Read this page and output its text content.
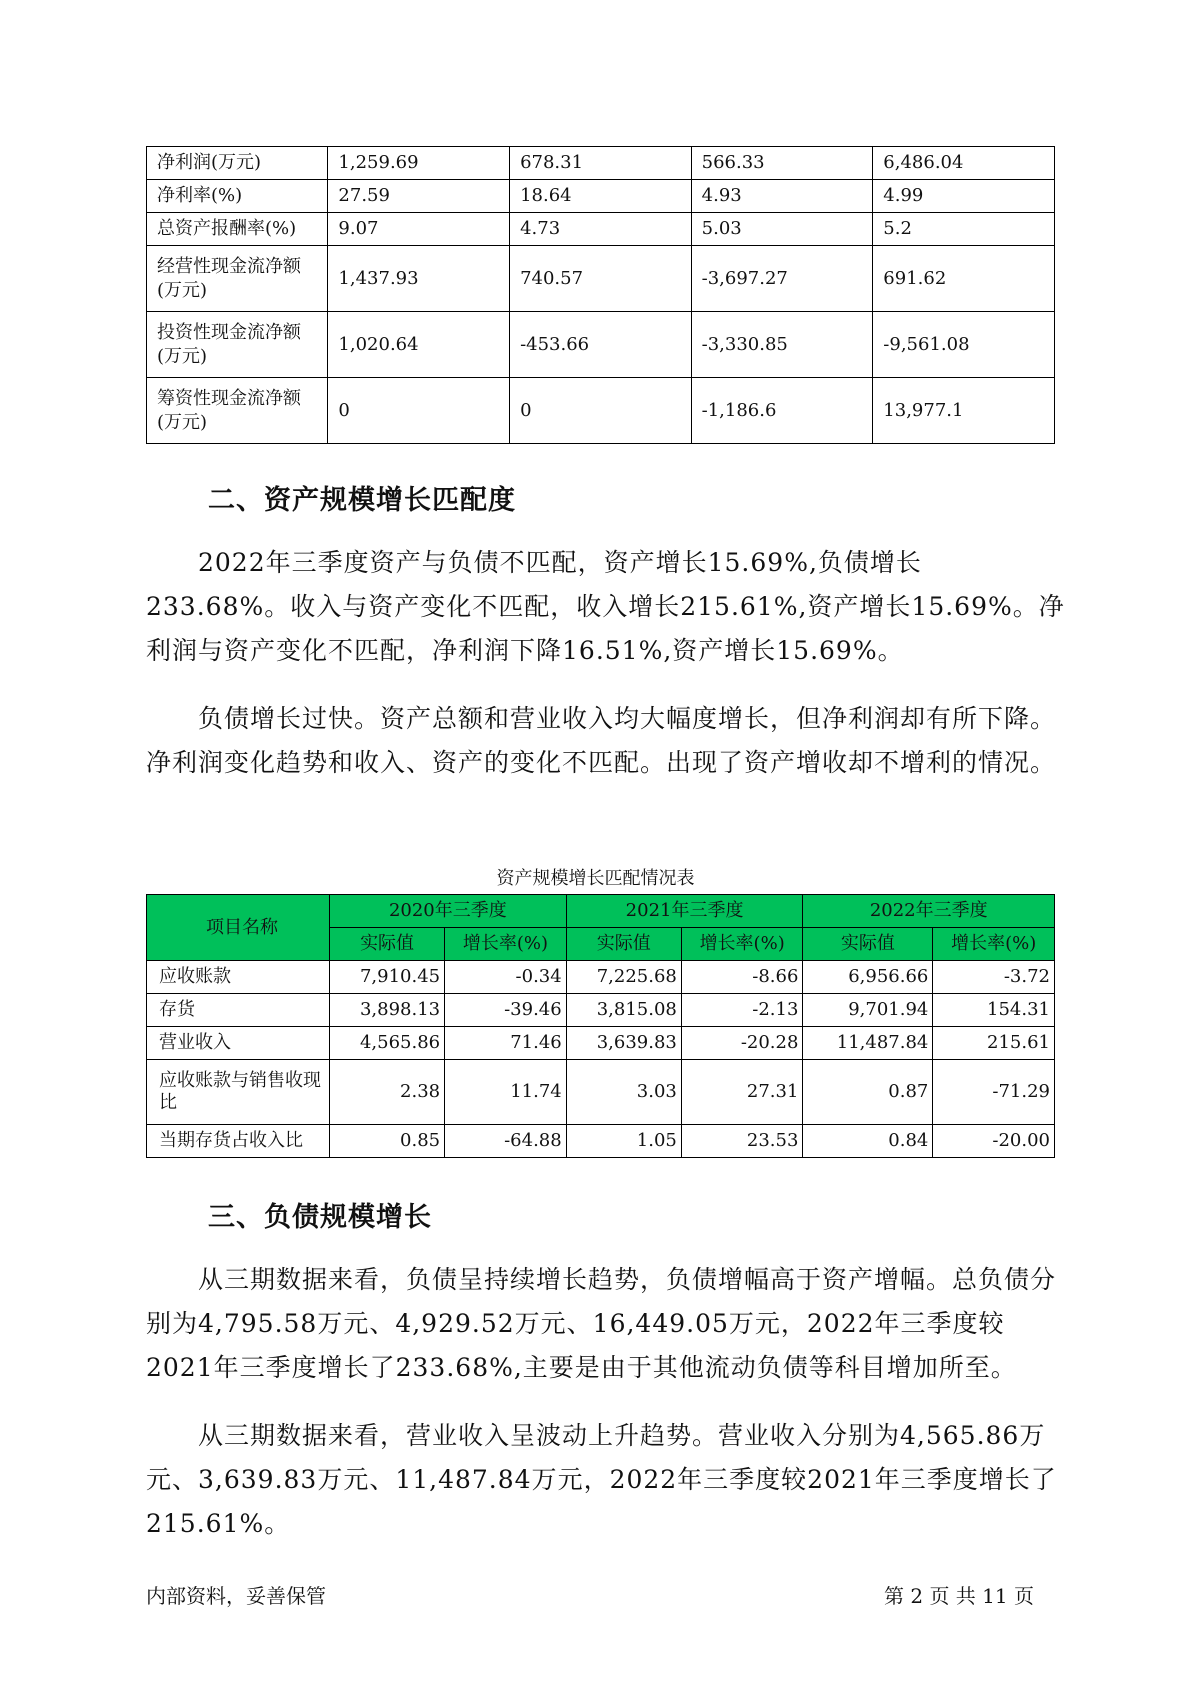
净利润(万元)	1,259.69	678.31	566.33	6,486.04
净利率(%)	27.59	18.64	4.93	4.99
总资产报酬率(%)	9.07	4.73	5.03	5.2
经营性现金流净额(万元)	1,437.93	740.57	-3,697.27	691.62
投资性现金流净额(万元)	1,020.64	-453.66	-3,330.85	-9,561.08
筹资性现金流净额(万元)	0	0	-1,186.6	13,977.1
二、资产规模增长匹配度

2022年三季度资产与负债不匹配，资产增长15.69%,负债增长233.68%。收入与资产变化不匹配，收入增长215.61%,资产增长15.69%。净利润与资产变化不匹配，净利润下降16.51%,资产增长15.69%。

负债增长过快。资产总额和营业收入均大幅度增长，但净利润却有所下降。净利润变化趋势和收入、资产的变化不匹配。出现了资产增收却不增利的情况。

资产规模增长匹配情况表
项目名称	2020年三季度		2021年三季度		2022年三季度	
	实际值	增长率(%)	实际值	增长率(%)	实际值	增长率(%)
应收账款	7,910.45	-0.34	7,225.68	-8.66	6,956.66	-3.72
存货	3,898.13	-39.46	3,815.08	-2.13	9,701.94	154.31
营业收入	4,565.86	71.46	3,639.83	-20.28	11,487.84	215.61
应收账款与销售收现比	2.38	11.74	3.03	27.31	0.87	-71.29
当期存货占收入比	0.85	-64.88	1.05	23.53	0.84	-20.00
三、负债规模增长

从三期数据来看，负债呈持续增长趋势，负债增幅高于资产增幅。总负债分别为4,795.58万元、4,929.52万元、16,449.05万元，2022年三季度较2021年三季度增长了233.68%,主要是由于其他流动负债等科目增加所至。

从三期数据来看，营业收入呈波动上升趋势。营业收入分别为4,565.86万元、3,639.83万元、11,487.84万元，2022年三季度较2021年三季度增长了215.61%。

内部资料，妥善保管	第 2 页 共 11 页
